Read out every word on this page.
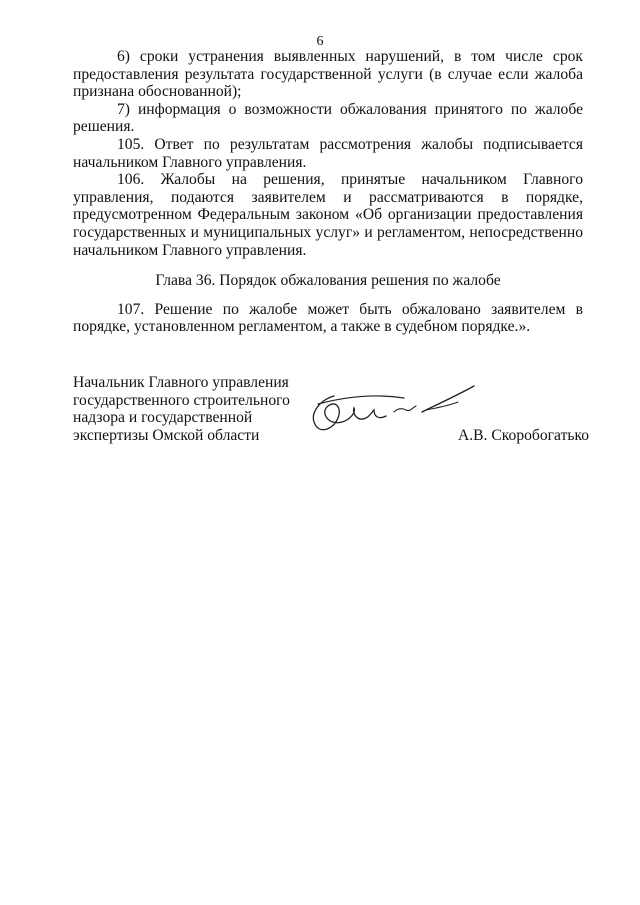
6

6) сроки устранения выявленных нарушений, в том числе срок предоставления результата государственной услуги (в случае если жалоба признана обоснованной);

7) информация о возможности обжалования принятого по жалобе решения.

105. Ответ по результатам рассмотрения жалобы подписывается начальником Главного управления.

106. Жалобы на решения, принятые начальником Главного управления, подаются заявителем и рассматриваются в порядке, предусмотренном Федеральным законом «Об организации предоставления государственных и муниципальных услуг» и регламентом, непосредственно начальником Главного управления.

Глава 36. Порядок обжалования решения по жалобе

107. Решение по жалобе может быть обжаловано заявителем в порядке, установленном регламентом, а также в судебном порядке.».

Начальник Главного управления
государственного строительного
надзора и государственной
экспертизы Омской области	А.В. Скоробогатько
